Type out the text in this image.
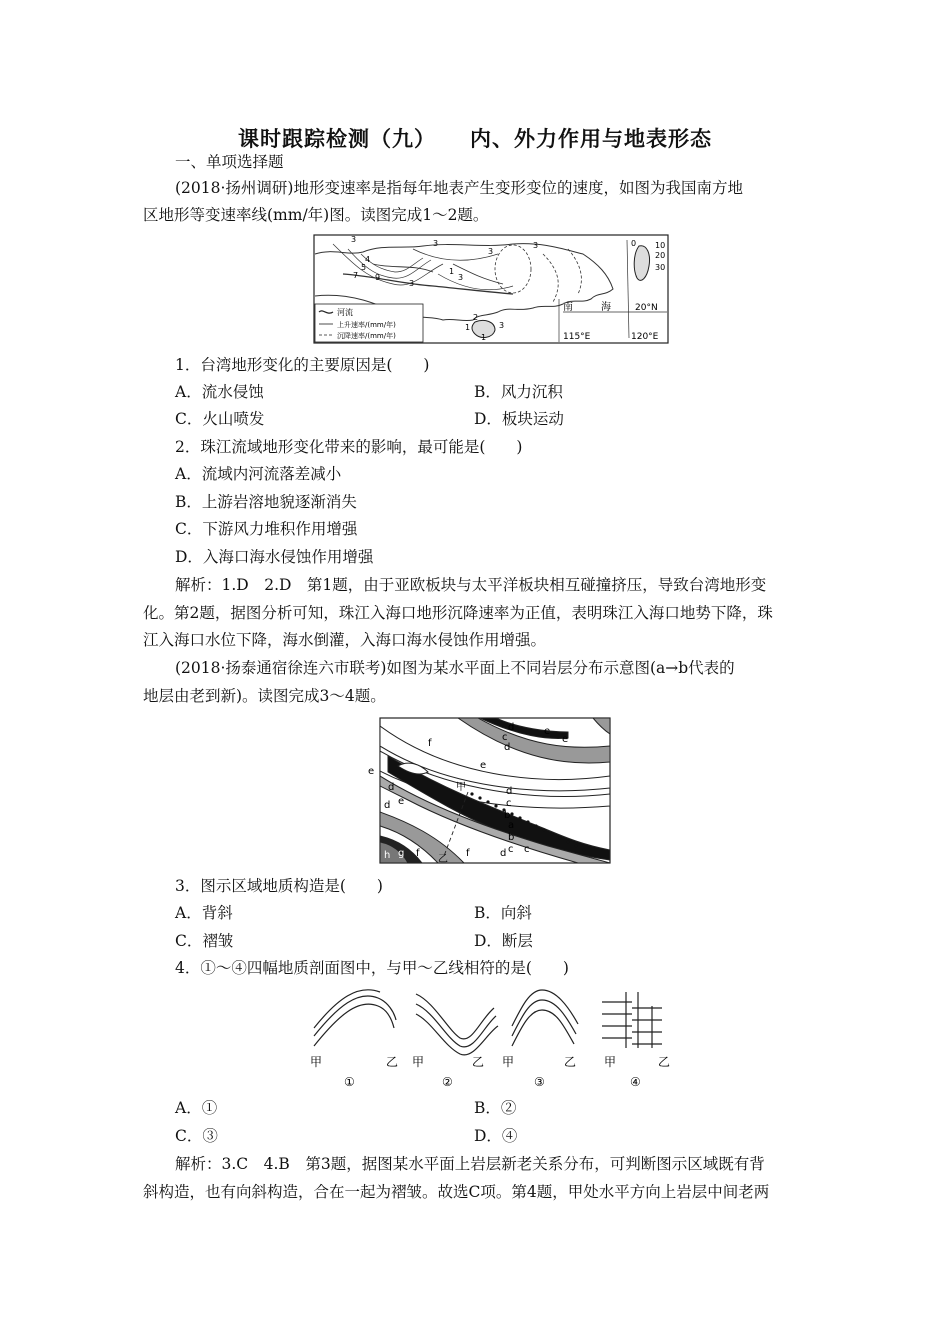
课时跟踪检测（九） 内、外力作用与地表形态
一、单项选择题
(2018·扬州调研)地形变速率是指每年地表产生变形变位的速度，如图为我国南方地
区地形等变速率线(mm/年)图。读图完成1～2题。
河流
上升速率/(mm/年)
沉降速率/(mm/年)
南	海
115°E	120°E
20°N
3	3
3
3
3
3
4
5
7 9
1
0 10
20
30
1
2
3
1
1．台湾地形变化的主要原因是(　　)
A．流水侵蚀	B．风力沉积
C．火山喷发	D．板块运动
2．珠江流域地形变化带来的影响，最可能是(　　)
A．流域内河流落差减小
B．上游岩溶地貌逐渐消失
C．下游风力堆积作用增强
D．入海口海水侵蚀作用增强
解析：1.D　2.D　第1题，由于亚欧板块与太平洋板块相互碰撞挤压，导致台湾地形变
化。第2题，据图分析可知，珠江入海口地形沉降速率为正值，表明珠江入海口地势下降，珠
江入海口水位下降，海水倒灌，入海口海水侵蚀作用增强。
(2018·扬泰通宿徐连六市联考)如图为某水平面上不同岩层分布示意图(a→b代表的
地层由老到新)。读图完成3～4题。
d	e
f	e
d
c
e
d
e
甲	d
c
b
a
b
c
d e
f
g
h	乙
f	d c
3．图示区域地质构造是(　　)
A．背斜	B．向斜
C．褶皱	D．断层
4．①～④四幅地质剖面图中，与甲～乙线相符的是(　　)
甲	乙
①
甲	乙
②
甲	乙
③
甲	乙
④
A．①	B．②
C．③	D．④
解析：3.C　4.B　第3题，据图某水平面上岩层新老关系分布，可判断图示区域既有背
斜构造，也有向斜构造，合在一起为褶皱。故选C项。第4题，甲处水平方向上岩层中间老两
